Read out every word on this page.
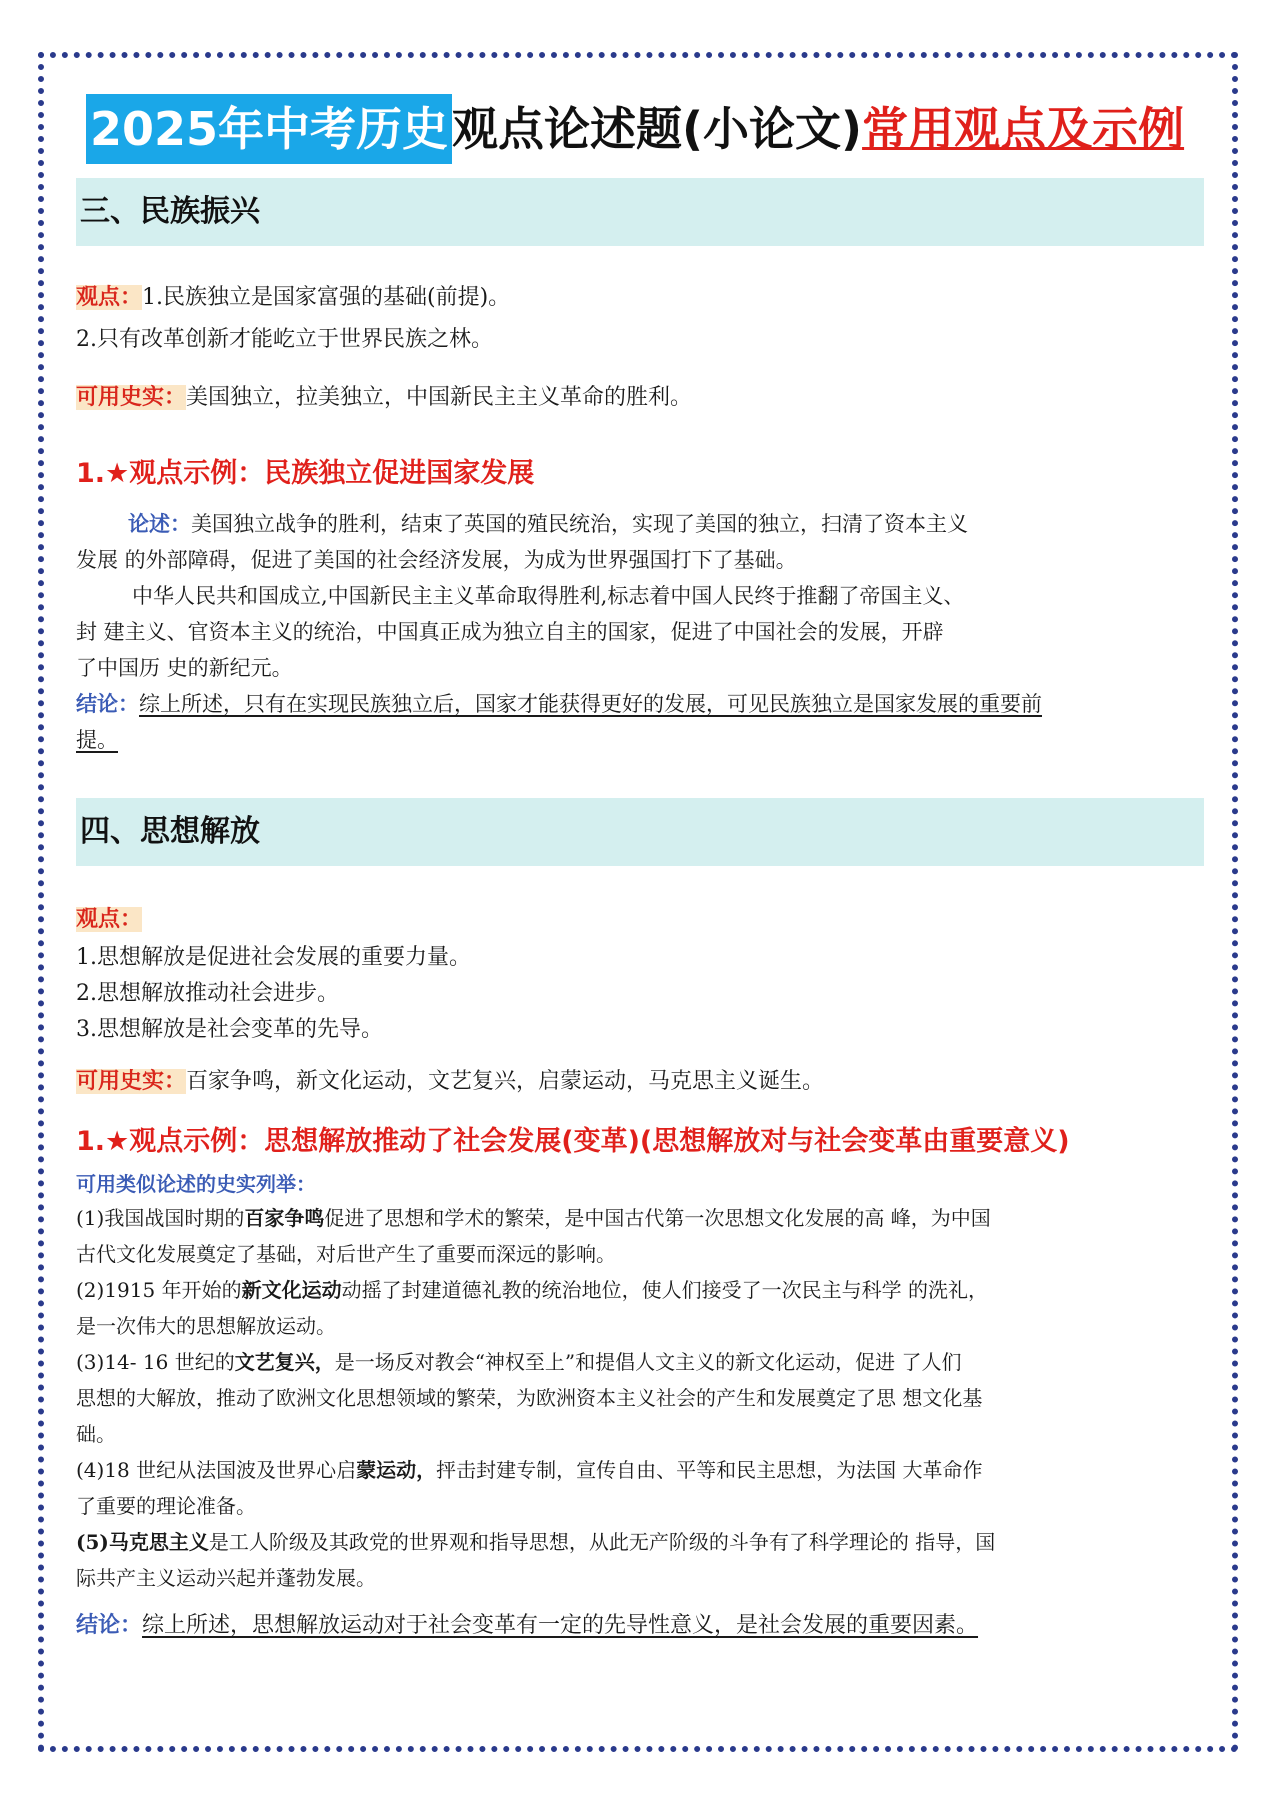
2025年中考历史观点论述题(小论文)常用观点及示例
三、民族振兴
观点：1.民族独立是国家富强的基础(前提)。
2.只有改革创新才能屹立于世界民族之林。
可用史实：美国独立，拉美独立，中国新民主主义革命的胜利。
1.★观点示例：民族独立促进国家发展
论述：美国独立战争的胜利，结束了英国的殖民统治，实现了美国的独立，扫清了资本主义
发展 的外部障碍，促进了美国的社会经济发展，为成为世界强国打下了基础。
中华人民共和国成立,中国新民主主义革命取得胜利,标志着中国人民终于推翻了帝国主义、
封 建主义、官资本主义的统治，中国真正成为独立自主的国家，促进了中国社会的发展，开辟
了中国历 史的新纪元。
结论：综上所述，只有在实现民族独立后，国家才能获得更好的发展，可见民族独立是国家发展的重要前
提。
四、思想解放
观点：
1.思想解放是促进社会发展的重要力量。
2.思想解放推动社会进步。
3.思想解放是社会变革的先导。
可用史实：百家争鸣，新文化运动，文艺复兴，启蒙运动，马克思主义诞生。
1.★观点示例：思想解放推动了社会发展(变革)(思想解放对与社会变革由重要意义)
可用类似论述的史实列举：
(1)我国战国时期的百家争鸣促进了思想和学术的繁荣，是中国古代第一次思想文化发展的高 峰，为中国
古代文化发展奠定了基础，对后世产生了重要而深远的影响。
(2)1915 年开始的新文化运动动摇了封建道德礼教的统治地位，使人们接受了一次民主与科学 的洗礼，
是一次伟大的思想解放运动。
(3)14- 16 世纪的文艺复兴，是一场反对教会“神权至上”和提倡人文主义的新文化运动，促进 了人们
思想的大解放，推动了欧洲文化思想领域的繁荣，为欧洲资本主义社会的产生和发展奠定了思 想文化基
础。
(4)18 世纪从法国波及世界心启蒙运动，抨击封建专制，宣传自由、平等和民主思想，为法国 大革命作
了重要的理论准备。
(5)马克思主义是工人阶级及其政党的世界观和指导思想，从此无产阶级的斗争有了科学理论的 指导，国
际共产主义运动兴起并蓬勃发展。
结论：综上所述，思想解放运动对于社会变革有一定的先导性意义，是社会发展的重要因素。
